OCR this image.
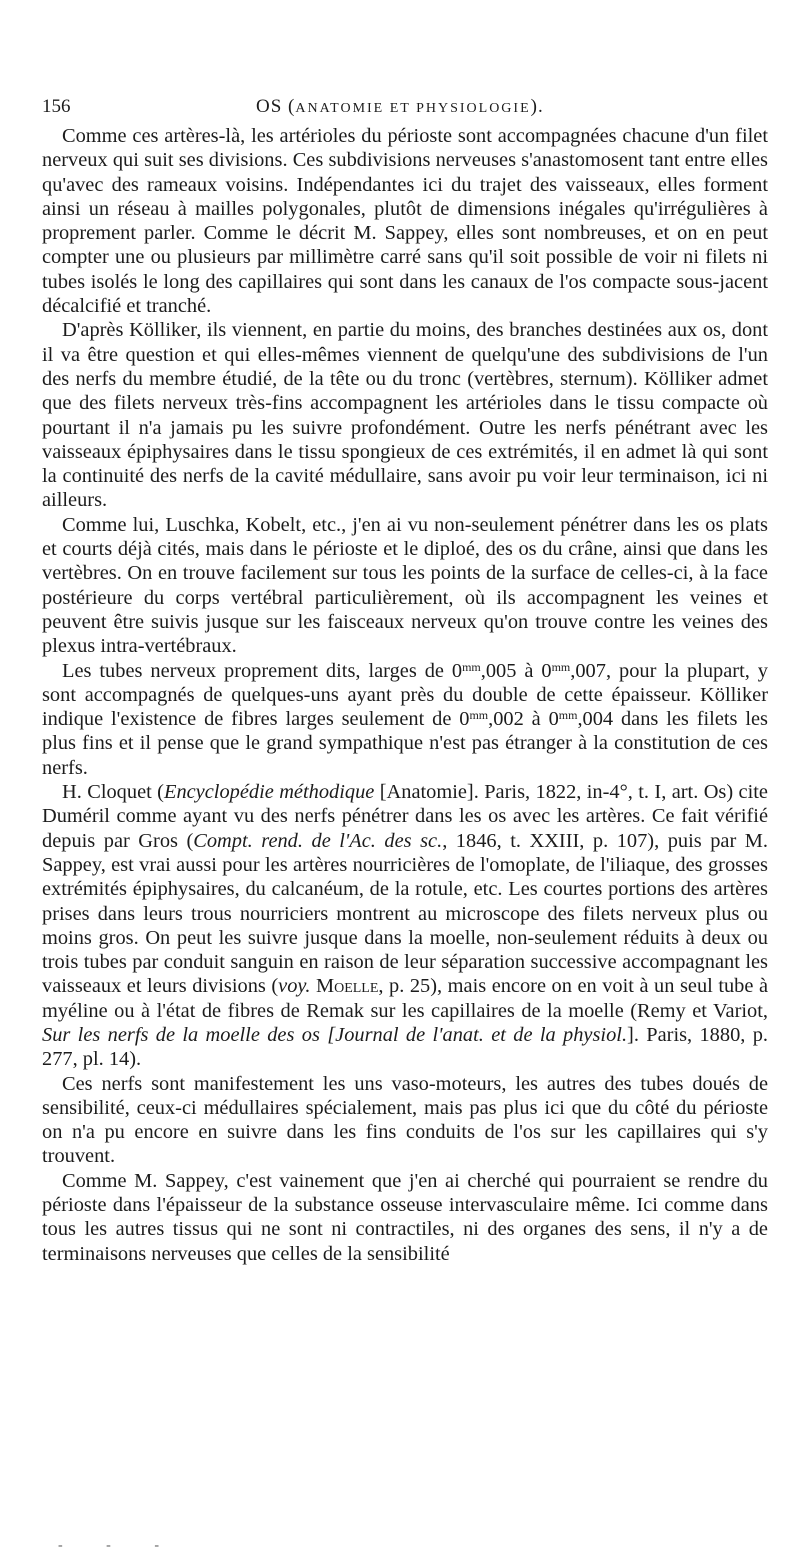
156	OS (ANATOMIE ET PHYSIOLOGIE).

Comme ces artères-là, les artérioles du périoste sont accompagnées chacune d'un filet nerveux qui suit ses divisions. Ces subdivisions nerveuses s'anastomosent tant entre elles qu'avec des rameaux voisins. Indépendantes ici du trajet des vaisseaux, elles forment ainsi un réseau à mailles polygonales, plutôt de dimensions inégales qu'irrégulières à proprement parler. Comme le décrit M. Sappey, elles sont nombreuses, et on en peut compter une ou plusieurs par millimètre carré sans qu'il soit possible de voir ni filets ni tubes isolés le long des capillaires qui sont dans les canaux de l'os compacte sous-jacent décalcifié et tranché.

D'après Kölliker, ils viennent, en partie du moins, des branches destinées aux os, dont il va être question et qui elles-mêmes viennent de quelqu'une des subdivisions de l'un des nerfs du membre étudié, de la tête ou du tronc (vertèbres, sternum). Kölliker admet que des filets nerveux très-fins accompagnent les artérioles dans le tissu compacte où pourtant il n'a jamais pu les suivre profondément. Outre les nerfs pénétrant avec les vaisseaux épiphysaires dans le tissu spongieux de ces extrémités, il en admet là qui sont la continuité des nerfs de la cavité médullaire, sans avoir pu voir leur terminaison, ici ni ailleurs.

Comme lui, Luschka, Kobelt, etc., j'en ai vu non-seulement pénétrer dans les os plats et courts déjà cités, mais dans le périoste et le diploé, des os du crâne, ainsi que dans les vertèbres. On en trouve facilement sur tous les points de la surface de celles-ci, à la face postérieure du corps vertébral particulièrement, où ils accompagnent les veines et peuvent être suivis jusque sur les faisceaux nerveux qu'on trouve contre les veines des plexus intra-vertébraux.

Les tubes nerveux proprement dits, larges de $0^{mm},005$ à $0^{mm},007$, pour la plupart, y sont accompagnés de quelques-uns ayant près du double de cette épaisseur. Kölliker indique l'existence de fibres larges seulement de $0^{mm},002$ à $0^{mm},004$ dans les filets les plus fins et il pense que le grand sympathique n'est pas étranger à la constitution de ces nerfs.

H. Cloquet (Encyclopédie méthodique [Anatomie]. Paris, 1822, in-4°, t. I, art. Os) cite Duméril comme ayant vu des nerfs pénétrer dans les os avec les artères. Ce fait vérifié depuis par Gros (Compt. rend. de l'Ac. des sc., 1846, t. XXIII, p. 107), puis par M. Sappey, est vrai aussi pour les artères nourricières de l'omoplate, de l'iliaque, des grosses extrémités épiphysaires, du calcanéum, de la rotule, etc. Les courtes portions des artères prises dans leurs trous nourriciers montrent au microscope des filets nerveux plus ou moins gros. On peut les suivre jusque dans la moelle, non-seulement réduits à deux ou trois tubes par conduit sanguin en raison de leur séparation successive accompagnant les vaisseaux et leurs divisions (voy. Moelle, p. 25), mais encore on en voit à un seul tube à myéline ou à l'état de fibres de Remak sur les capillaires de la moelle (Remy et Variot, Sur les nerfs de la moelle des os [Journal de l'anat. et de la physiol.]. Paris, 1880, p. 277, pl. 14).

Ces nerfs sont manifestement les uns vaso-moteurs, les autres des tubes doués de sensibilité, ceux-ci médullaires spécialement, mais pas plus ici que du côté du périoste on n'a pu encore en suivre dans les fins conduits de l'os sur les capillaires qui s'y trouvent.

Comme M. Sappey, c'est vainement que j'en ai cherché qui pourraient se rendre du périoste dans l'épaisseur de la substance osseuse intervasculaire même. Ici comme dans tous les autres tissus qui ne sont ni contractiles, ni des organes des sens, il n'y a de terminaisons nerveuses que celles de la sensibilité

- - -
